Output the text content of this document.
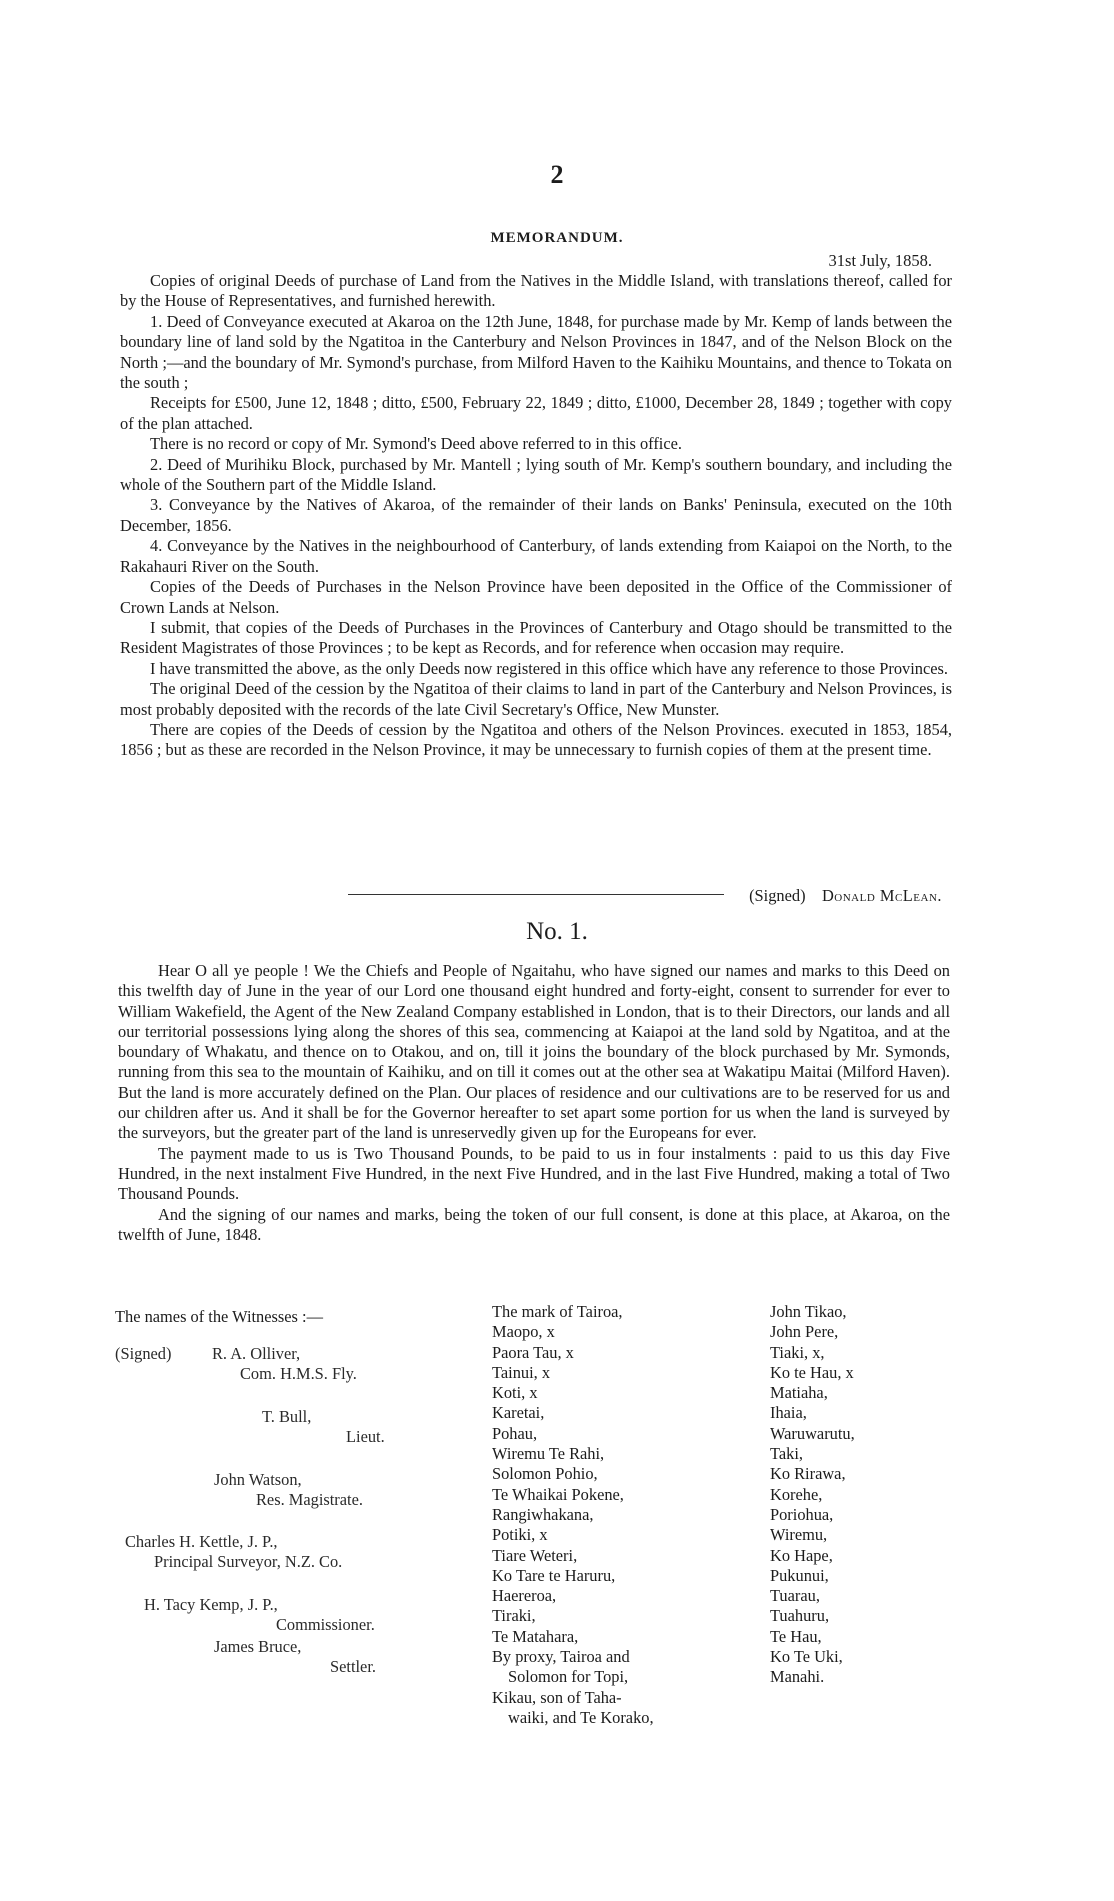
2
MEMORANDUM.
31st July, 1858.

Copies of original Deeds of purchase of Land from the Natives in the Middle Island, with translations thereof, called for by the House of Representatives, and furnished herewith.

1. Deed of Conveyance executed at Akaroa on the 12th June, 1848, for purchase made by Mr. Kemp of lands between the boundary line of land sold by the Ngatitoa in the Canterbury and Nelson Provinces in 1847, and of the Nelson Block on the North ;—and the boundary of Mr. Symond's purchase, from Milford Haven to the Kaihiku Mountains, and thence to Tokata on the south ;

Receipts for £500, June 12, 1848 ; ditto, £500, February 22, 1849 ; ditto, £1000, December 28, 1849 ; together with copy of the plan attached.

There is no record or copy of Mr. Symond's Deed above referred to in this office.

2. Deed of Murihiku Block, purchased by Mr. Mantell ; lying south of Mr. Kemp's southern boundary, and including the whole of the Southern part of the Middle Island.

3. Conveyance by the Natives of Akaroa, of the remainder of their lands on Banks' Peninsula, executed on the 10th December, 1856.

4. Conveyance by the Natives in the neighbourhood of Canterbury, of lands extending from Kaiapoi on the North, to the Rakahauri River on the South.

Copies of the Deeds of Purchases in the Nelson Province have been deposited in the Office of the Commissioner of Crown Lands at Nelson.

I submit, that copies of the Deeds of Purchases in the Provinces of Canterbury and Otago should be transmitted to the Resident Magistrates of those Provinces ; to be kept as Records, and for reference when occasion may require.

I have transmitted the above, as the only Deeds now registered in this office which have any reference to those Provinces.

The original Deed of the cession by the Ngatitoa of their claims to land in part of the Canterbury and Nelson Provinces, is most probably deposited with the records of the late Civil Secretary's Office, New Munster.

There are copies of the Deeds of cession by the Ngatitoa and others of the Nelson Provinces. executed in 1853, 1854, 1856 ; but as these are recorded in the Nelson Province, it may be unnecessary to furnish copies of them at the present time.

(Signed) Donald McLean.
No. 1.

Hear O all ye people ! We the Chiefs and People of Ngaitahu, who have signed our names and marks to this Deed on this twelfth day of June in the year of our Lord one thousand eight hundred and forty-eight, consent to surrender for ever to William Wakefield, the Agent of the New Zealand Company established in London, that is to their Directors, our lands and all our territorial possessions lying along the shores of this sea, commencing at Kaiapoi at the land sold by Ngatitoa, and at the boundary of Whakatu, and thence on to Otakou, and on, till it joins the boundary of the block purchased by Mr. Symonds, running from this sea to the mountain of Kaihiku, and on till it comes out at the other sea at Wakatipu Maitai (Milford Haven). But the land is more accurately defined on the Plan. Our places of residence and our cultivations are to be reserved for us and our children after us. And it shall be for the Governor hereafter to set apart some portion for us when the land is surveyed by the surveyors, but the greater part of the land is unreservedly given up for the Europeans for ever.

The payment made to us is Two Thousand Pounds, to be paid to us in four instalments : paid to us this day Five Hundred, in the next instalment Five Hundred, in the next Five Hundred, and in the last Five Hundred, making a total of Two Thousand Pounds.

And the signing of our names and marks, being the token of our full consent, is done at this place, at Akaroa, on the twelfth of June, 1848.

The names of the Witnesses :—
(Signed) R. A. Olliver,
Com. H.M.S. Fly.
T. Bull,
Lieut.
John Watson,
Res. Magistrate.
Charles H. Kettle, J. P.,
Principal Surveyor, N.Z. Co.
H. Tacy Kemp, J. P.,
Commissioner.
James Bruce,
Settler.
The mark of Tairoa,
Maopo, x
Paora Tau, x
Tainui, x
Koti, x
Karetai,
Pohau,
Wiremu Te Rahi,
Solomon Pohio,
Te Whaikai Pokene,
Rangiwhakana,
Potiki, x
Tiare Weteri,
Ko Tare te Haruru,
Haereroa,
Tiraki,
Te Matahara,
By proxy, Tairoa and
Solomon for Topi,
Kikau, son of Taha-
waiki, and Te Korako,
John Tikao,
John Pere,
Tiaki, x,
Ko te Hau, x
Matiaha,
Ihaia,
Waruwarutu,
Taki,
Ko Rirawa,
Korehe,
Poriohua,
Wiremu,
Ko Hape,
Pukunui,
Tuarau,
Tuahuru,
Te Hau,
Ko Te Uki,
Manahi.
